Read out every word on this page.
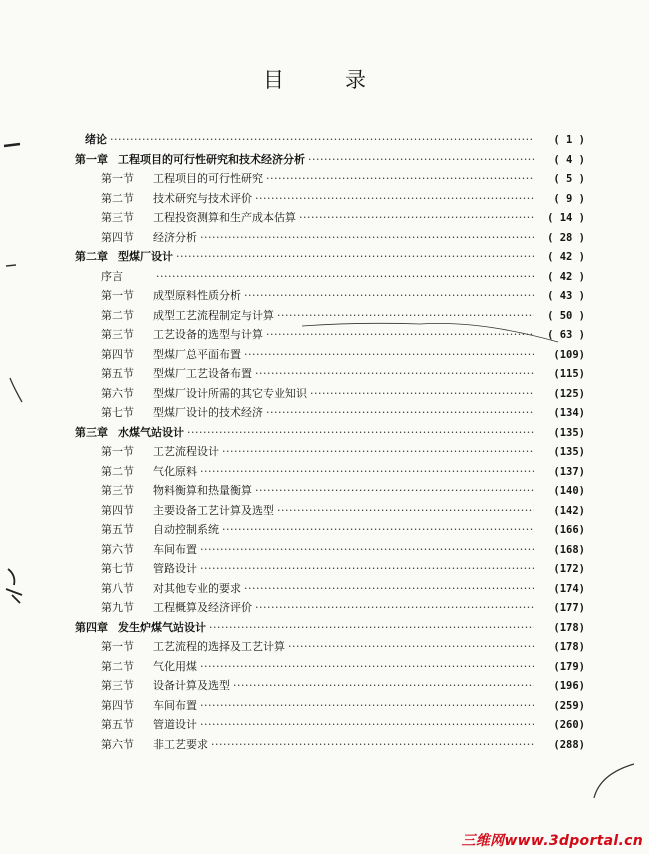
目　录
绪论 ·····	( 1 )
第一章 工程项目的可行性研究和技术经济分析 ·····	( 4 )
第一节	工程项目的可行性研究 ·····	( 5 )
第二节	技术研究与技术评价 ·····	( 9 )
第三节	工程投资测算和生产成本估算 ·····	( 14 )
第四节	经济分析 ·····	( 28 )
第二章 型煤厂设计 ·····	( 42 )
序言 ·····	( 42 )
第一节	成型原料性质分析 ·····	( 43 )
第二节	成型工艺流程制定与计算 ·····	( 50 )
第三节	工艺设备的选型与计算 ·····	( 63 )
第四节	型煤厂总平面布置 ·····	(109)
第五节	型煤厂工艺设备布置 ·····	(115)
第六节	型煤厂设计所需的其它专业知识 ·····	(125)
第七节	型煤厂设计的技术经济 ·····	(134)
第三章 水煤气站设计 ·····	(135)
第一节	工艺流程设计 ·····	(135)
第二节	气化原料 ·····	(137)
第三节	物料衡算和热量衡算 ·····	(140)
第四节	主要设备工艺计算及选型 ·····	(142)
第五节	自动控制系统 ·····	(166)
第六节	车间布置 ·····	(168)
第七节	管路设计 ·····	(172)
第八节	对其他专业的要求 ·····	(174)
第九节	工程概算及经济评价 ·····	(177)
第四章 发生炉煤气站设计 ·····	(178)
第一节	工艺流程的选择及工艺计算 ·····	(178)
第二节	气化用煤 ·····	(179)
第三节	设备计算及选型 ·····	(196)
第四节	车间布置 ·····	(259)
第五节	管道设计 ·····	(260)
第六节	非工艺要求 ·····	(288)
三维网www.3dportal.cn
